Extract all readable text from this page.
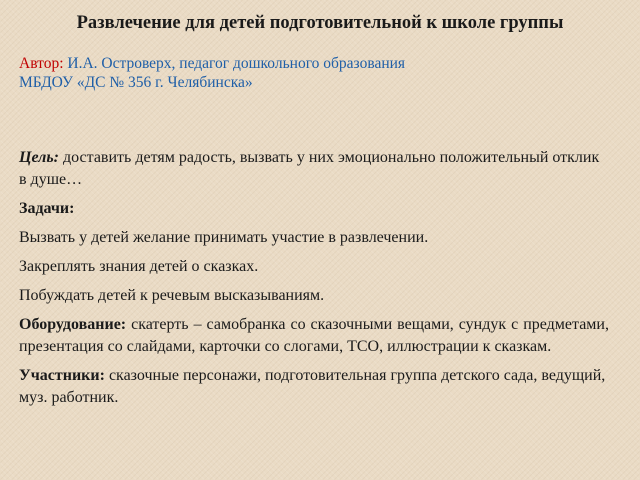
Развлечение для детей подготовительной к школе группы
Автор: И.А. Островерх, педагог дошкольного образования
МБДОУ «ДС № 356 г. Челябинска»

Цель: доставить детям радость, вызвать у них эмоционально положительный отклик в душе…

Задачи:

Вызвать у детей желание принимать участие в развлечении.

Закреплять знания детей о сказках.

Побуждать детей к речевым высказываниям.

Оборудование: скатерть – самобранка со сказочными вещами, сундук с предметами, презентация со слайдами, карточки со слогами, ТСО, иллюстрации к сказкам.

Участники: сказочные персонажи, подготовительная группа детского сада, ведущий, муз. работник.
